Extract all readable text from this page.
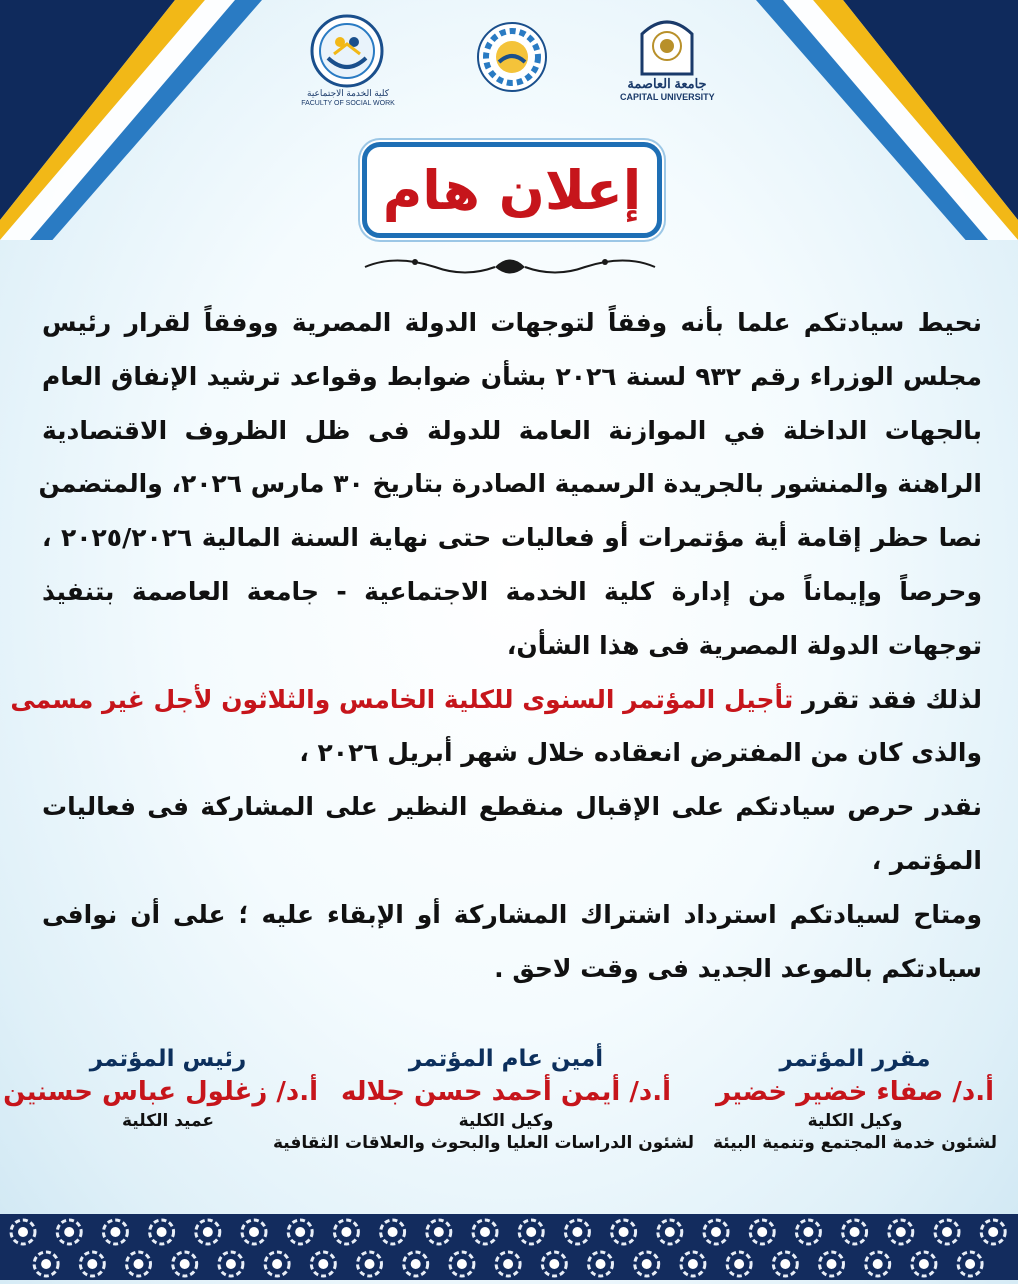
كلية الخدمة الاجتماعية
FACULTY OF SOCIAL WORK
جامعة العاصمة
CAPITAL UNIVERSITY
إعلان هام
نحيط سيادتكم علما بأنه وفقاً لتوجهات الدولة المصرية ووفقاً لقرار رئيس
مجلس الوزراء رقم ٩٣٢ لسنة ٢٠٢٦ بشأن ضوابط وقواعد ترشيد الإنفاق العام
بالجهات الداخلة في الموازنة العامة للدولة فى ظل الظروف الاقتصادية
الراهنة والمنشور بالجريدة الرسمية الصادرة بتاريخ ٣٠ مارس ٢٠٢٦، والمتضمن
نصا حظر إقامة أية مؤتمرات أو فعاليات حتى نهاية السنة المالية ٢٠٢٥/٢٠٢٦ ،
وحرصاً وإيماناً من إدارة كلية الخدمة الاجتماعية - جامعة العاصمة بتنفيذ
توجهات الدولة المصرية فى هذا الشأن،
لذلك فقد تقرر تأجيل المؤتمر السنوى للكلية الخامس والثلاثون لأجل غير مسمى
والذى كان من المفترض انعقاده خلال شهر أبريل ٢٠٢٦ ،
نقدر حرص سيادتكم على الإقبال منقطع النظير على المشاركة فى فعاليات
المؤتمر ،
ومتاح لسيادتكم استرداد اشتراك المشاركة أو الإبقاء عليه ؛ على أن نوافى
سيادتكم بالموعد الجديد فى وقت لاحق .
مقرر المؤتمر
أ.د/ صفاء خضير خضير
وكيل الكلية
لشئون خدمة المجتمع وتنمية البيئة
أمين عام المؤتمر
أ.د/ أيمن أحمد حسن جلاله
وكيل الكلية
لشئون الدراسات العليا والبحوث والعلاقات الثقافية
رئيس المؤتمر
أ.د/ زغلول عباس حسنين
عميد الكلية
